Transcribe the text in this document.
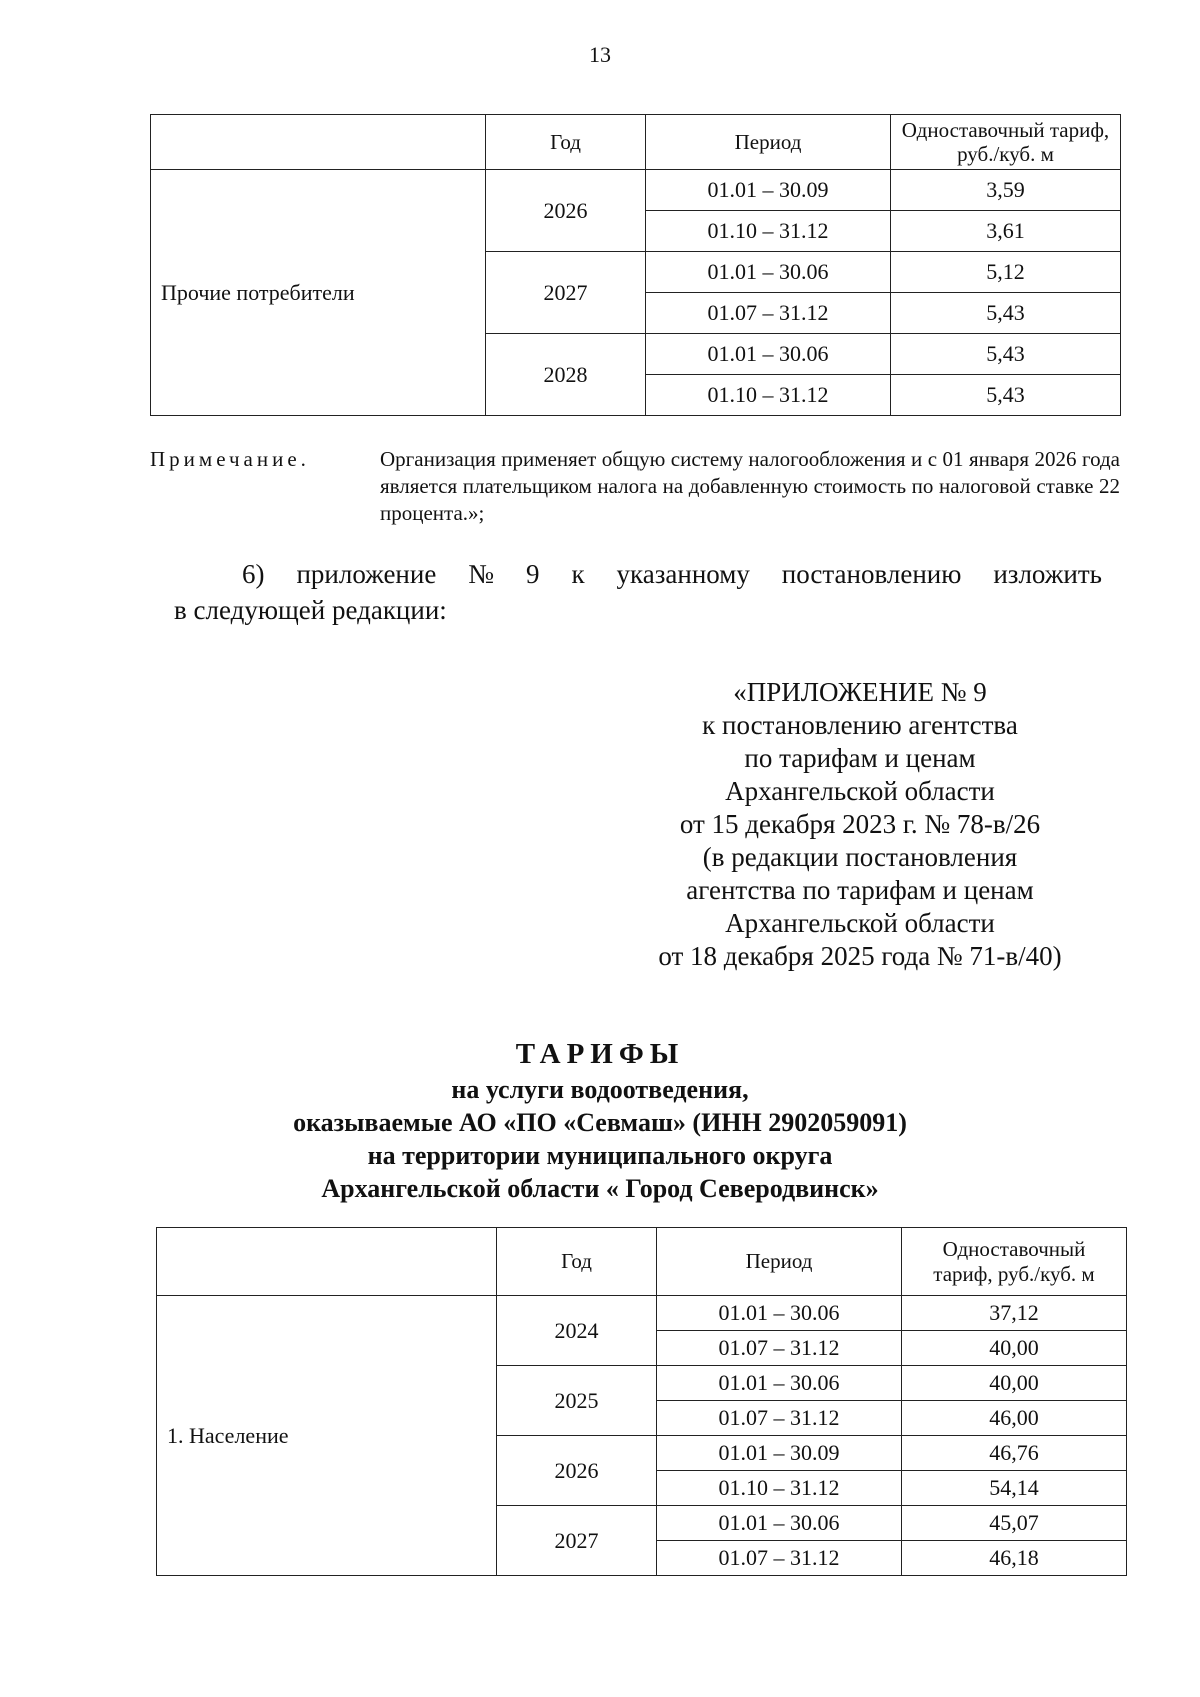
13
	Год	Период	Одноставочный тариф, руб./куб. м
Прочие потребители	2026	01.01 – 30.09	3,59
		01.10 – 31.12	3,61
	2027	01.01 – 30.06	5,12
		01.07 – 31.12	5,43
	2028	01.01 – 30.06	5,43
		01.10 – 31.12	5,43
Примечание.	Организация применяет общую систему налогообложения и с 01 января 2026 года является плательщиком налога на добавленную стоимость по налоговой ставке 22 процента.»;
6) приложение № 9 к указанному постановлению изложить
в следующей редакции:
«ПРИЛОЖЕНИЕ № 9
к постановлению агентства
по тарифам и ценам
Архангельской области
от 15 декабря 2023 г. № 78-в/26
(в редакции постановления
агентства по тарифам и ценам
Архангельской области
от 18 декабря 2025 года № 71-в/40)
ТАРИФЫ
на услуги водоотведения,
оказываемые АО «ПО «Севмаш» (ИНН 2902059091)
на территории муниципального округа
Архангельской области « Город Северодвинск»
	Год	Период	Одноставочный тариф, руб./куб. м
1. Население	2024	01.01 – 30.06	37,12
		01.07 – 31.12	40,00
	2025	01.01 – 30.06	40,00
		01.07 – 31.12	46,00
	2026	01.01 – 30.09	46,76
		01.10 – 31.12	54,14
	2027	01.01 – 30.06	45,07
		01.07 – 31.12	46,18
